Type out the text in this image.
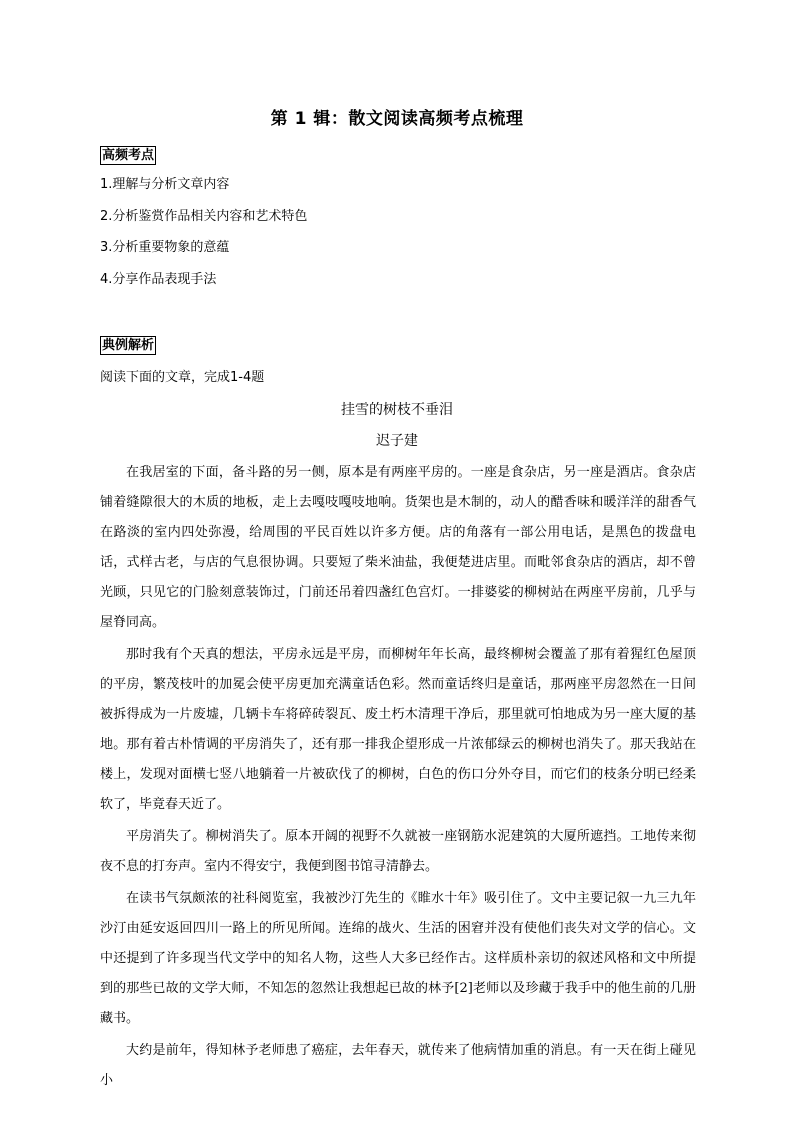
第 1 辑：散文阅读高频考点梳理
高频考点
1.理解与分析文章内容
2.分析鉴赏作品相关内容和艺术特色
3.分析重要物象的意蕴
4.分享作品表现手法
典例解析
阅读下面的文章，完成1-4题
挂雪的树枝不垂泪
迟子建

在我居室的下面，备斗路的另一侧，原本是有两座平房的。一座是食杂店，另一座是酒店。食杂店铺着缝隙很大的木质的地板，走上去嘎吱嘎吱地响。货架也是木制的，动人的醋香味和暖洋洋的甜香气在路淡的室内四处弥漫，给周围的平民百姓以许多方便。店的角落有一部公用电话，是黑色的拨盘电话，式样古老，与店的气息很协调。只要短了柴米油盐，我便楚进店里。而毗邻食杂店的酒店，却不曾光顾，只见它的门脸刻意装饰过，门前还吊着四盏红色宫灯。一排婆娑的柳树站在两座平房前，几乎与屋脊同高。

那时我有个天真的想法，平房永远是平房，而柳树年年长高，最终柳树会覆盖了那有着猩红色屋顶的平房，繁茂枝叶的加冕会使平房更加充满童话色彩。然而童话终归是童话，那两座平房忽然在一日间被拆得成为一片废墟，几辆卡车将碎砖裂瓦、废土朽木清理干净后，那里就可怕地成为另一座大厦的基地。那有着古朴情调的平房消失了，还有那一排我企望形成一片浓郁绿云的柳树也消失了。那天我站在楼上，发现对面横七竖八地躺着一片被砍伐了的柳树，白色的伤口分外夺目，而它们的枝条分明已经柔软了，毕竟春天近了。

平房消失了。柳树消失了。原本开阔的视野不久就被一座钢筋水泥建筑的大厦所遮挡。工地传来彻夜不息的打夯声。室内不得安宁，我便到图书馆寻清静去。

在读书气氛颇浓的社科阅览室，我被沙汀先生的《睢水十年》吸引住了。文中主要记叙一九三九年沙汀由延安返回四川一路上的所见所闻。连绵的战火、生活的困窘并没有使他们丧失对文学的信心。文中还提到了许多现当代文学中的知名人物，这些人大多已经作古。这样质朴亲切的叙述风格和文中所提到的那些已故的文学大师，不知怎的忽然让我想起已故的林予[2]老师以及珍藏于我手中的他生前的几册藏书。

大约是前年，得知林予老师患了癌症，去年春天，就传来了他病情加重的消息。有一天在街上碰见小
